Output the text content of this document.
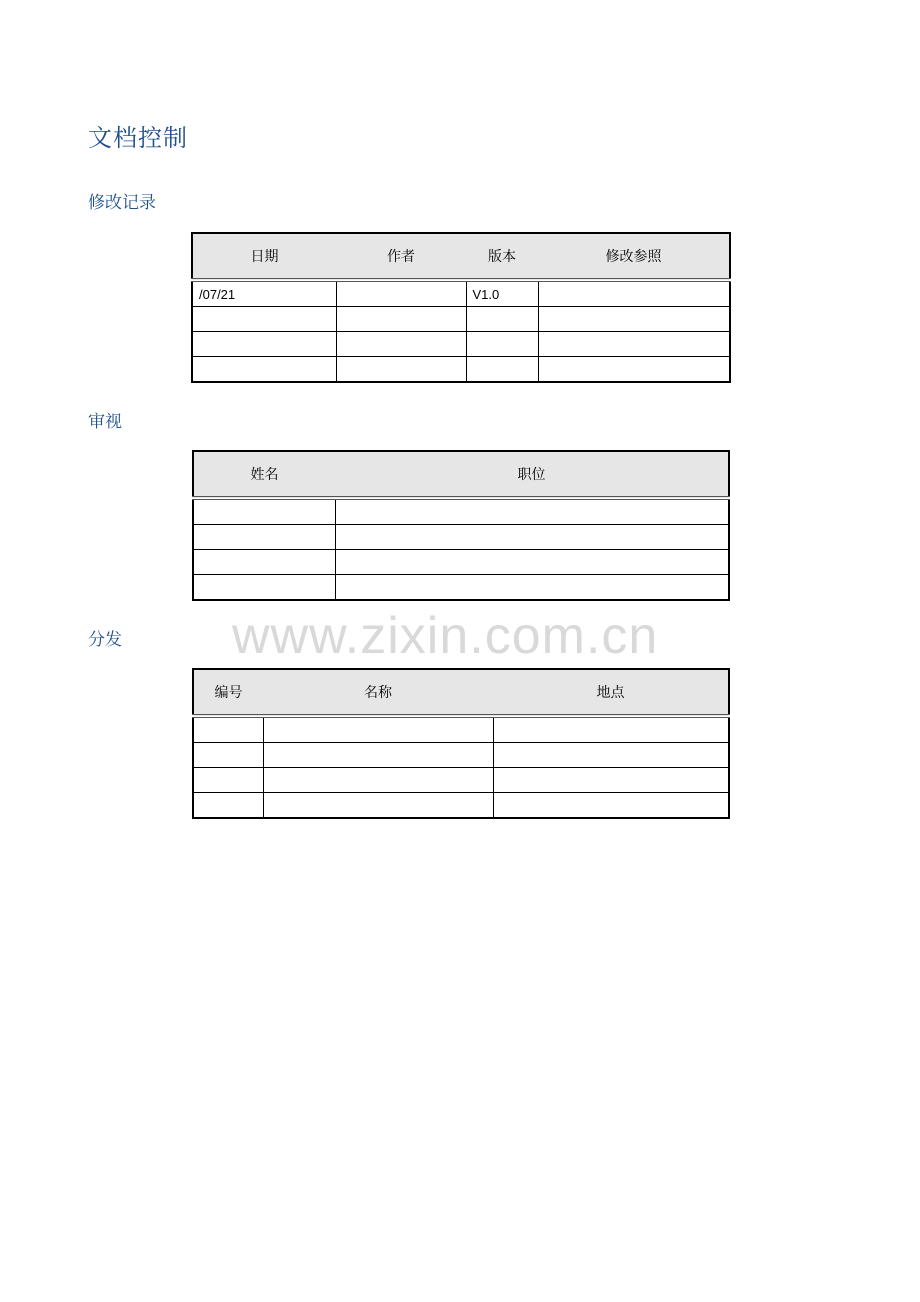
文档控制
修改记录
日期	作者	版本	修改参照
/07/21		V1.0	

审视
姓名	职位

分发
编号	名称	地点

www.zixin.com.cn
